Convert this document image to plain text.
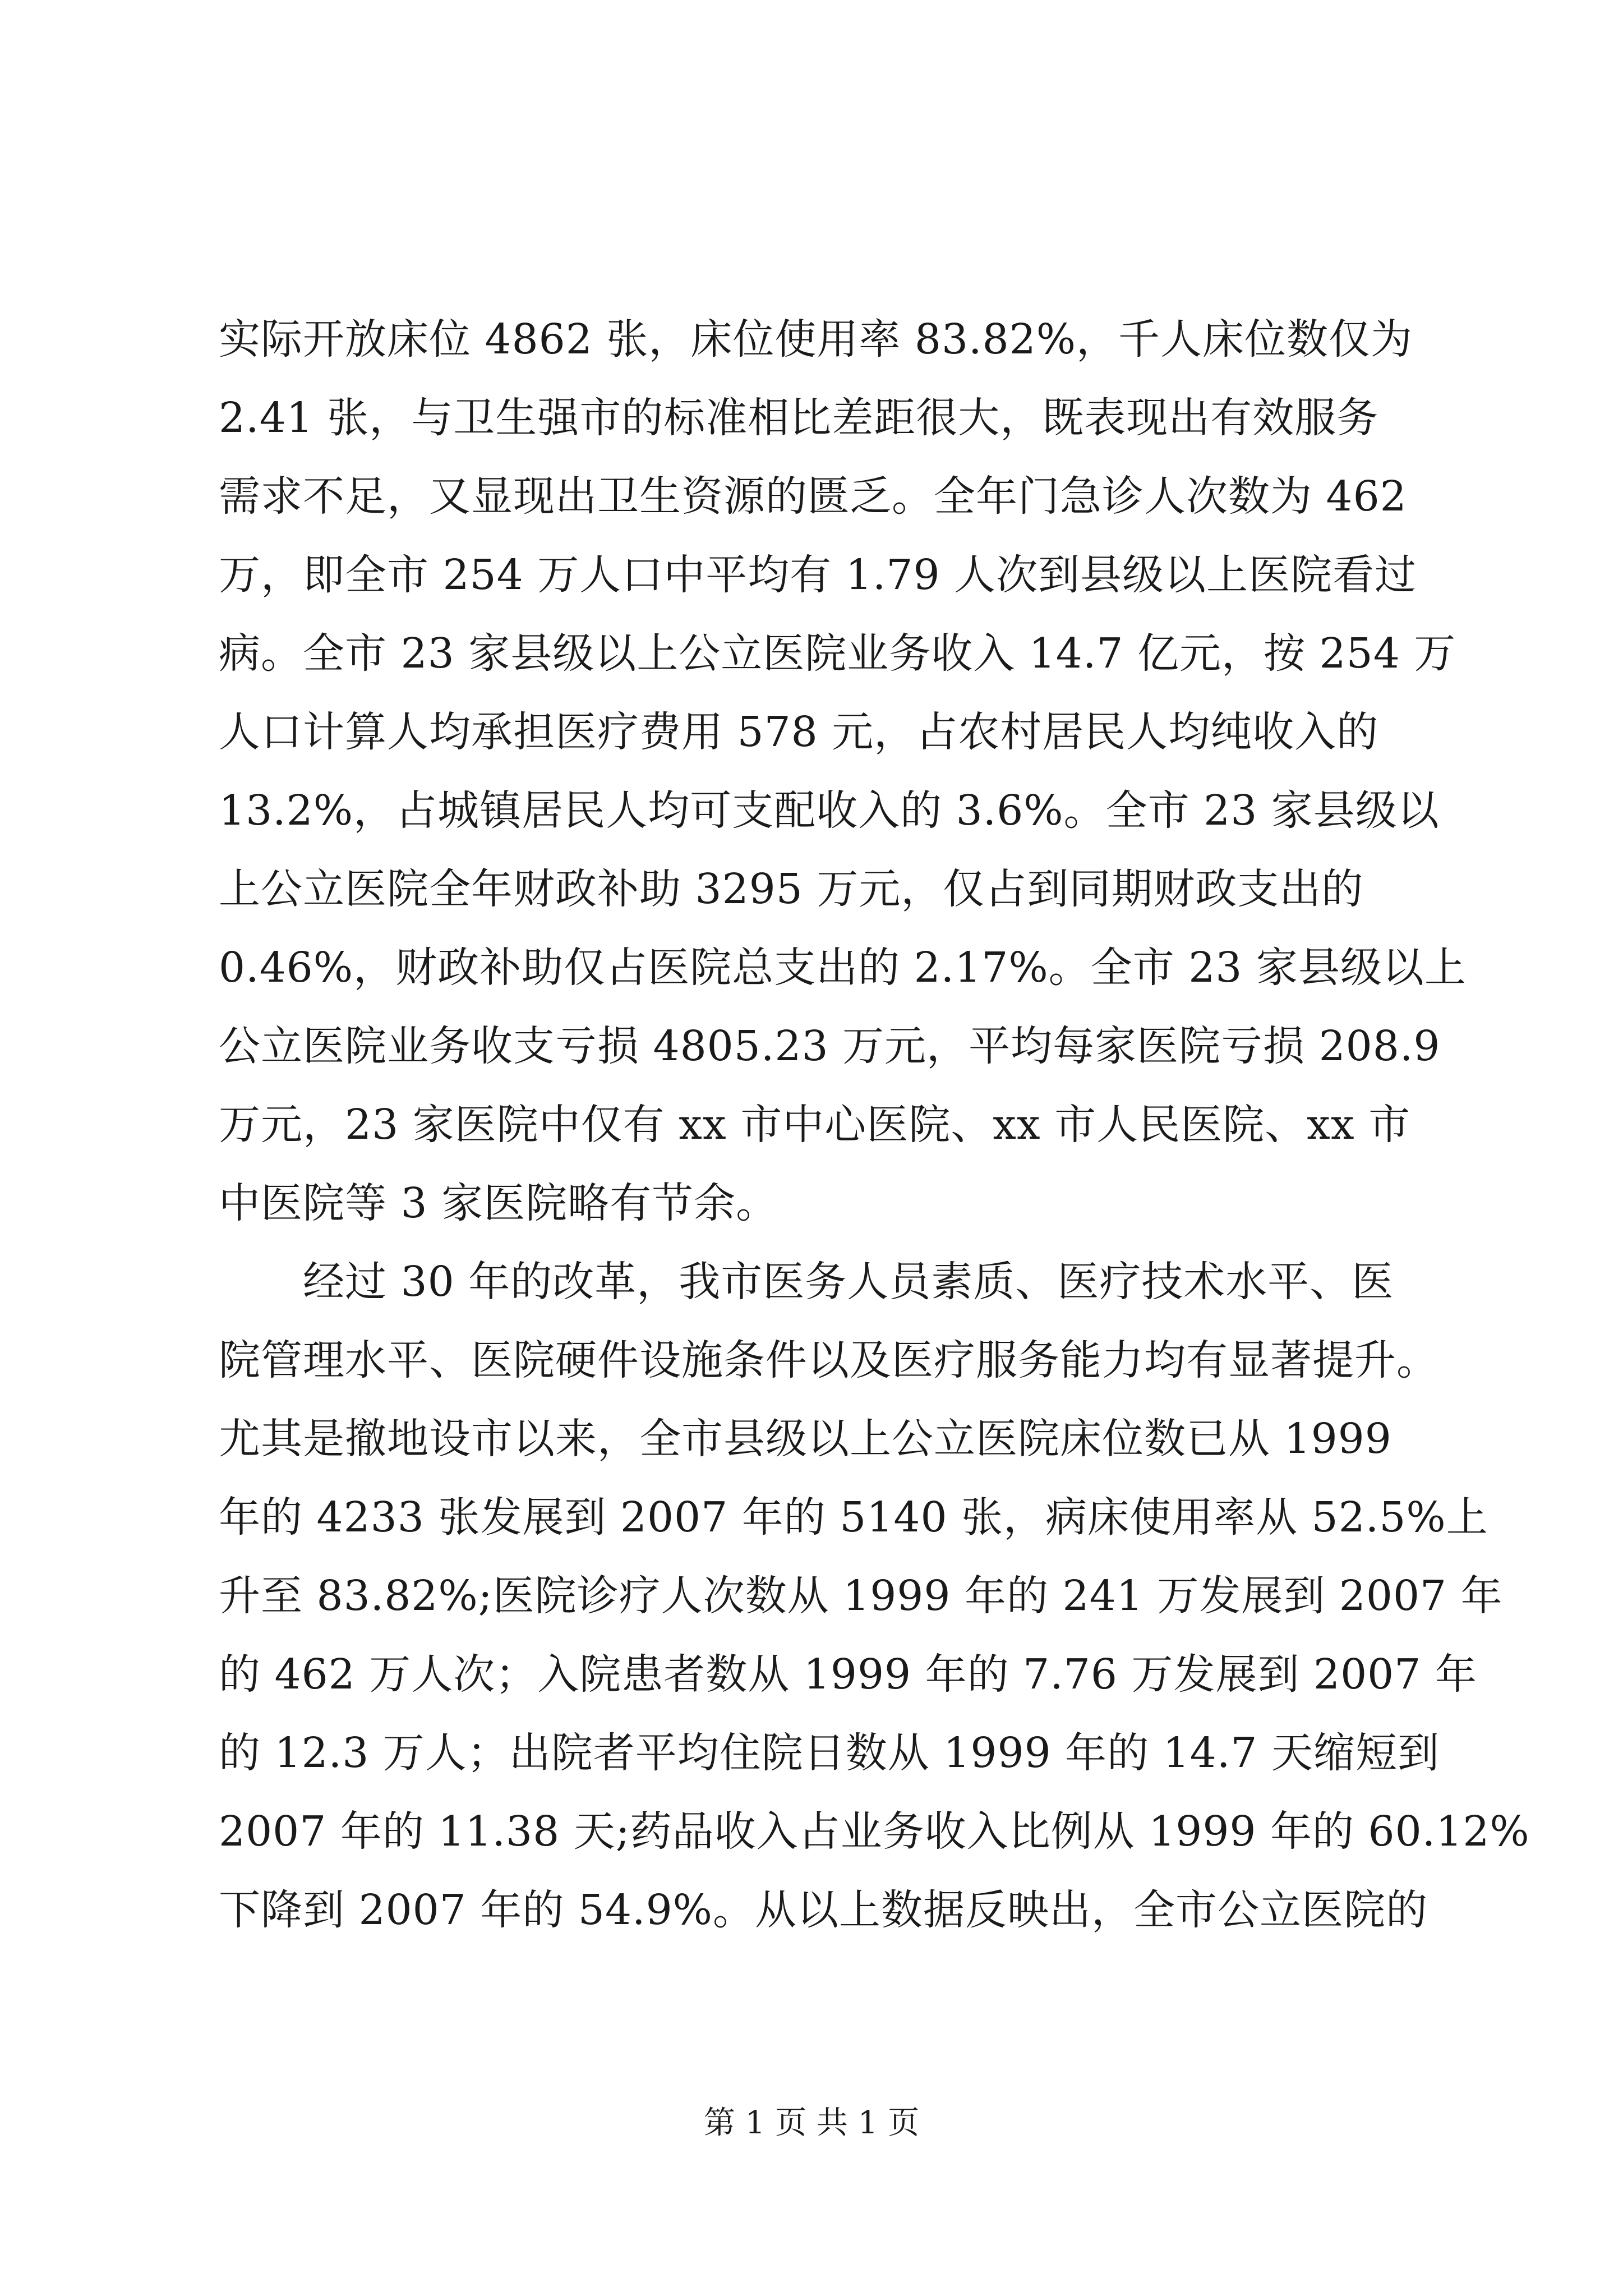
实际开放床位 4862 张，床位使用率 83.82%，千人床位数仅为
2.41 张，与卫生强市的标准相比差距很大，既表现出有效服务
需求不足，又显现出卫生资源的匮乏。全年门急诊人次数为 462
万，即全市 254 万人口中平均有 1.79 人次到县级以上医院看过
病。全市 23 家县级以上公立医院业务收入 14.7 亿元，按 254 万
人口计算人均承担医疗费用 578 元，占农村居民人均纯收入的
13.2%，占城镇居民人均可支配收入的 3.6%。全市 23 家县级以
上公立医院全年财政补助 3295 万元，仅占到同期财政支出的
0.46%，财政补助仅占医院总支出的 2.17%。全市 23 家县级以上
公立医院业务收支亏损 4805.23 万元，平均每家医院亏损 208.9
万元，23 家医院中仅有 xx 市中心医院、xx 市人民医院、xx 市
中医院等 3 家医院略有节余。
经过 30 年的改革，我市医务人员素质、医疗技术水平、医
院管理水平、医院硬件设施条件以及医疗服务能力均有显著提升。
尤其是撤地设市以来，全市县级以上公立医院床位数已从 1999
年的 4233 张发展到 2007 年的 5140 张，病床使用率从 52.5%上
升至 83.82%;医院诊疗人次数从 1999 年的 241 万发展到 2007 年
的 462 万人次；入院患者数从 1999 年的 7.76 万发展到 2007 年
的 12.3 万人；出院者平均住院日数从 1999 年的 14.7 天缩短到
2007 年的 11.38 天;药品收入占业务收入比例从 1999 年的 60.12%
下降到 2007 年的 54.9%。从以上数据反映出，全市公立医院的
第 1 页 共 1 页
